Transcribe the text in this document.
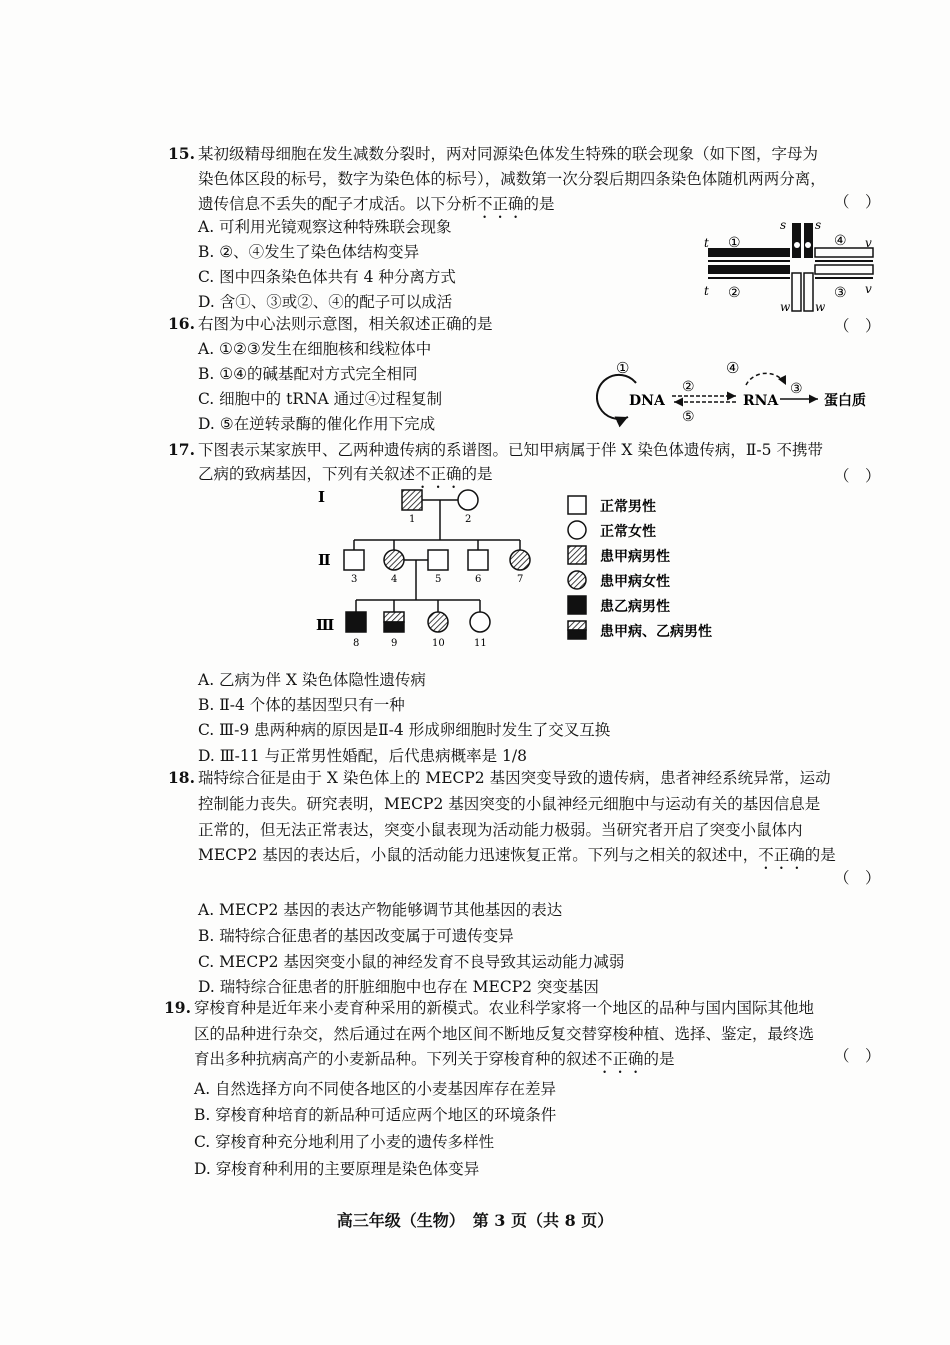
15. 某初级精母细胞在发生减数分裂时，两对同源染色体发生特殊的联会现象（如下图，字母为
染色体区段的标号，数字为染色体的标号），减数第一次分裂后期四条染色体随机两两分离，
遗传信息不丢失的配子才成活。以下分析不正确的是	（　）
A. 可利用光镜观察这种特殊联会现象
B. ②、④发生了染色体结构变异
C. 图中四条染色体共有 4 种分离方式
D. 含①、③或②、④的配子可以成活
s s
t ①	④ v
t ②	③ v
w w
16. 右图为中心法则示意图，相关叙述正确的是	（　）
A. ①②③发生在细胞核和线粒体中
B. ①④的碱基配对方式完全相同
C. 细胞中的 tRNA 通过④过程复制
D. ⑤在逆转录酶的催化作用下完成
①
DNA
②
⑤
④
RNA
③
蛋白质
17. 下图表示某家族甲、乙两种遗传病的系谱图。已知甲病属于伴 X 染色体遗传病，Ⅱ-5 不携带
乙病的致病基因，下列有关叙述不正确的是	（　）
Ⅰ
Ⅱ
Ⅲ
1	2
3	4	5	6	7
8	9	10	11
正常男性
正常女性
患甲病男性
患甲病女性
患乙病男性
患甲病、乙病男性
A. 乙病为伴 X 染色体隐性遗传病
B. Ⅱ-4 个体的基因型只有一种
C. Ⅲ-9 患两种病的原因是Ⅱ-4 形成卵细胞时发生了交叉互换
D. Ⅲ-11 与正常男性婚配，后代患病概率是 1/8
18. 瑞特综合征是由于 X 染色体上的 MECP2 基因突变导致的遗传病，患者神经系统异常，运动
控制能力丧失。研究表明，MECP2 基因突变的小鼠神经元细胞中与运动有关的基因信息是
正常的，但无法正常表达，突变小鼠表现为活动能力极弱。当研究者开启了突变小鼠体内
MECP2 基因的表达后，小鼠的活动能力迅速恢复正常。下列与之相关的叙述中，不正确的是
（　）
A. MECP2 基因的表达产物能够调节其他基因的表达
B. 瑞特综合征患者的基因改变属于可遗传变异
C. MECP2 基因突变小鼠的神经发育不良导致其运动能力减弱
D. 瑞特综合征患者的肝脏细胞中也存在 MECP2 突变基因
19. 穿梭育种是近年来小麦育种采用的新模式。农业科学家将一个地区的品种与国内国际其他地
区的品种进行杂交，然后通过在两个地区间不断地反复交替穿梭种植、选择、鉴定，最终选
育出多种抗病高产的小麦新品种。下列关于穿梭育种的叙述不正确的是	（　）
A. 自然选择方向不同使各地区的小麦基因库存在差异
B. 穿梭育种培育的新品种可适应两个地区的环境条件
C. 穿梭育种充分地利用了小麦的遗传多样性
D. 穿梭育种利用的主要原理是染色体变异
高三年级（生物）　第 3 页（共 8 页）
